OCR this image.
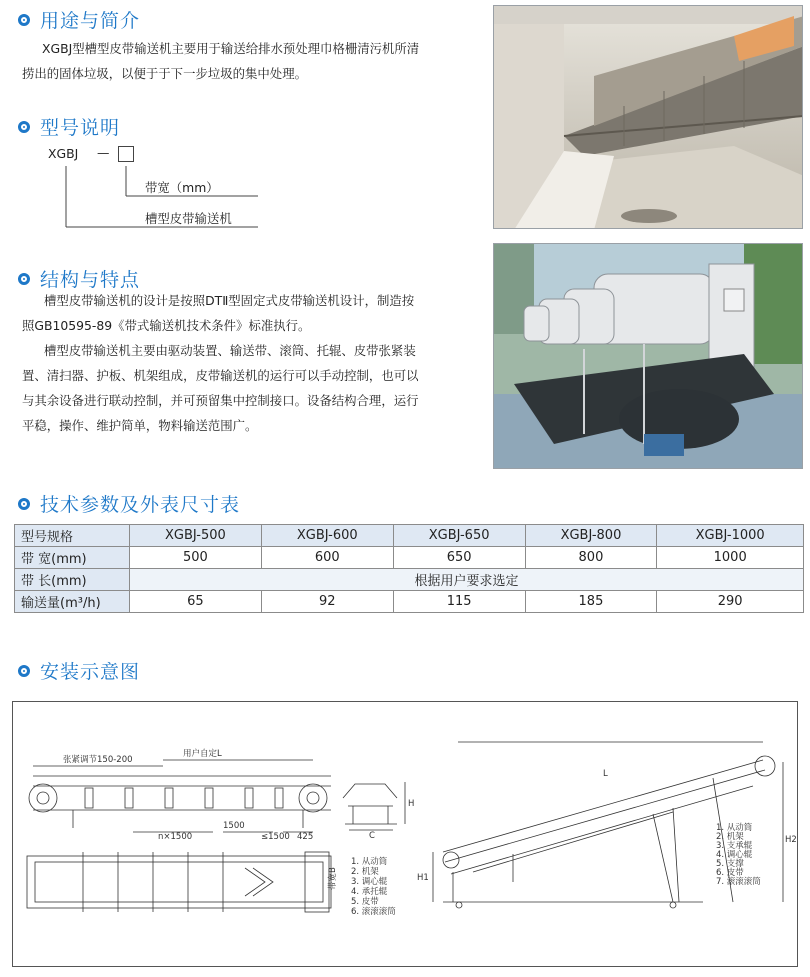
用途与简介
XGBJ型槽型皮带输送机主要用于输送给排水预处理巾格栅清污机所清
捞出的固体垃圾，以便于于下一步垃圾的集中处理。
型号说明
XGBJ —
带宽（mm）
槽型皮带输送机
结构与特点
槽型皮带输送机的设计是按照DTⅡ型固定式皮带输送机设计，制造按
照GB10595-89《带式输送机技术条件》标准执行。
槽型皮带输送机主要由驱动装置、输送带、滚筒、托辊、皮带张紧装
置、清扫器、护板、机架组成，皮带输送机的运行可以手动控制，也可以
与其余设备进行联动控制，并可预留集中控制接口。设备结构合理，运行
平稳，操作、维护简单，物料输送范围广。
技术参数及外表尺寸表
型号规格	XGBJ-500	XGBJ-600	XGBJ-650	XGBJ-800	XGBJ-1000
带 宽(mm)	500	600	650	800	1000
带 长(mm)	根据用户要求选定				
输送量(m³/h)	65	92	115	185	290
安装示意图
张紧调节150-200
用户自定L
n×1500
1500
≤1500 425	C
H
带宽B
1. 从动筒
2. 机架
3. 调心辊
4. 承托辊
5. 皮带
6. 滚滚滚筒
L
H1
H2
1. 从动筒
2. 机架
3. 支承辊
4. 调心辊
5. 支撑
6. 皮带
7. 滚滚滚筒
